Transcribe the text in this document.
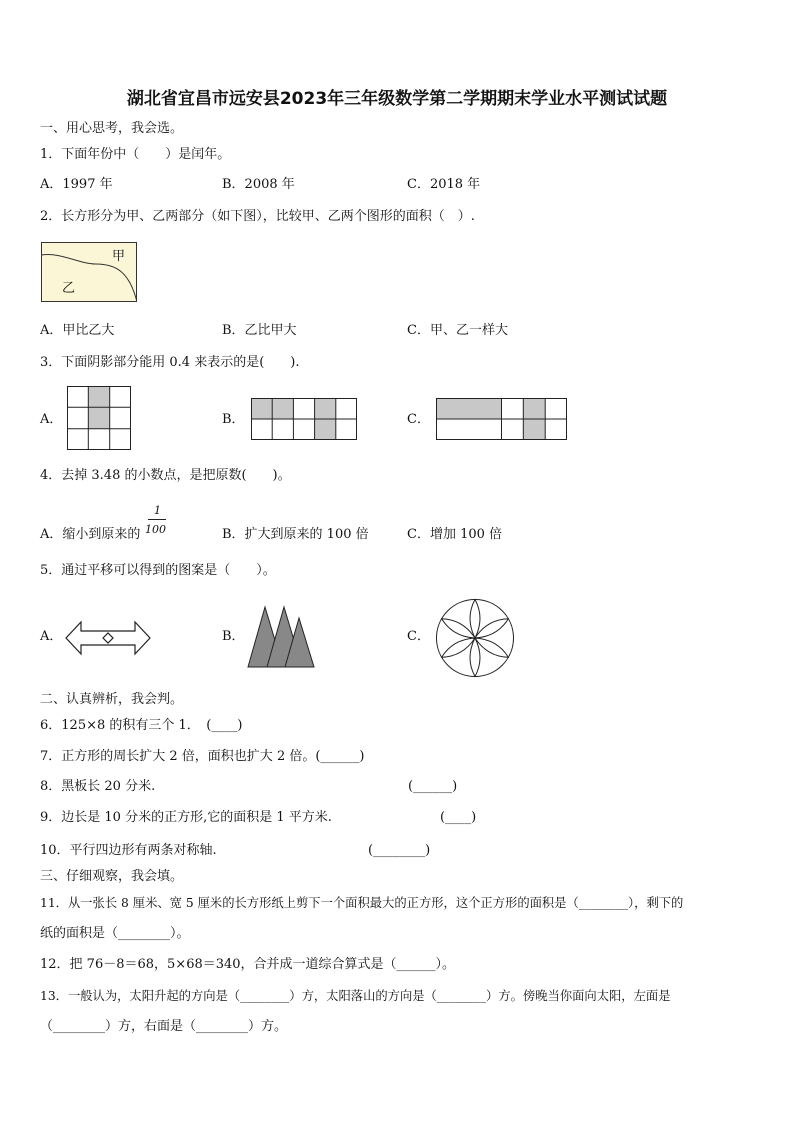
湖北省宜昌市远安县2023年三年级数学第二学期期末学业水平测试试题
一、用心思考，我会选。
1．下面年份中（　　）是闰年。
A．1997 年	B．2008 年	C．2018 年
2．长方形分为甲、乙两部分（如下图），比较甲、乙两个图形的面积（　）.
甲
乙
A．甲比乙大	B．乙比甲大	C．甲、乙一样大
3．下面阴影部分能用 0.4 来表示的是(　　).
A．	B．	C．
4．去掉 3.48 的小数点，是把原数(　　)。
A．缩小到原来的
1
100	B．扩大到原来的 100 倍	C．增加 100 倍
5．通过平移可以得到的图案是（　　）。
A．	B．	C．
二、认真辨析，我会判。
6．125×8 的积有三个 1．　(____)
7．正方形的周长扩大 2 倍，面积也扩大 2 倍。(______)
8．黑板长 20 分米.	(______)
9．边长是 10 分米的正方形,它的面积是 1 平方米.	(____)
10．平行四边形有两条对称轴.	(________)
三、仔细观察，我会填。
11．从一张长 8 厘米、宽 5 厘米的长方形纸上剪下一个面积最大的正方形，这个正方形的面积是（________），剩下的
纸的面积是（________）。
12．把 76－8＝68，5×68＝340，合并成一道综合算式是（______）。
13．一般认为，太阳升起的方向是（________）方，太阳落山的方向是（________）方。傍晚当你面向太阳，左面是
（________）方，右面是（________）方。
